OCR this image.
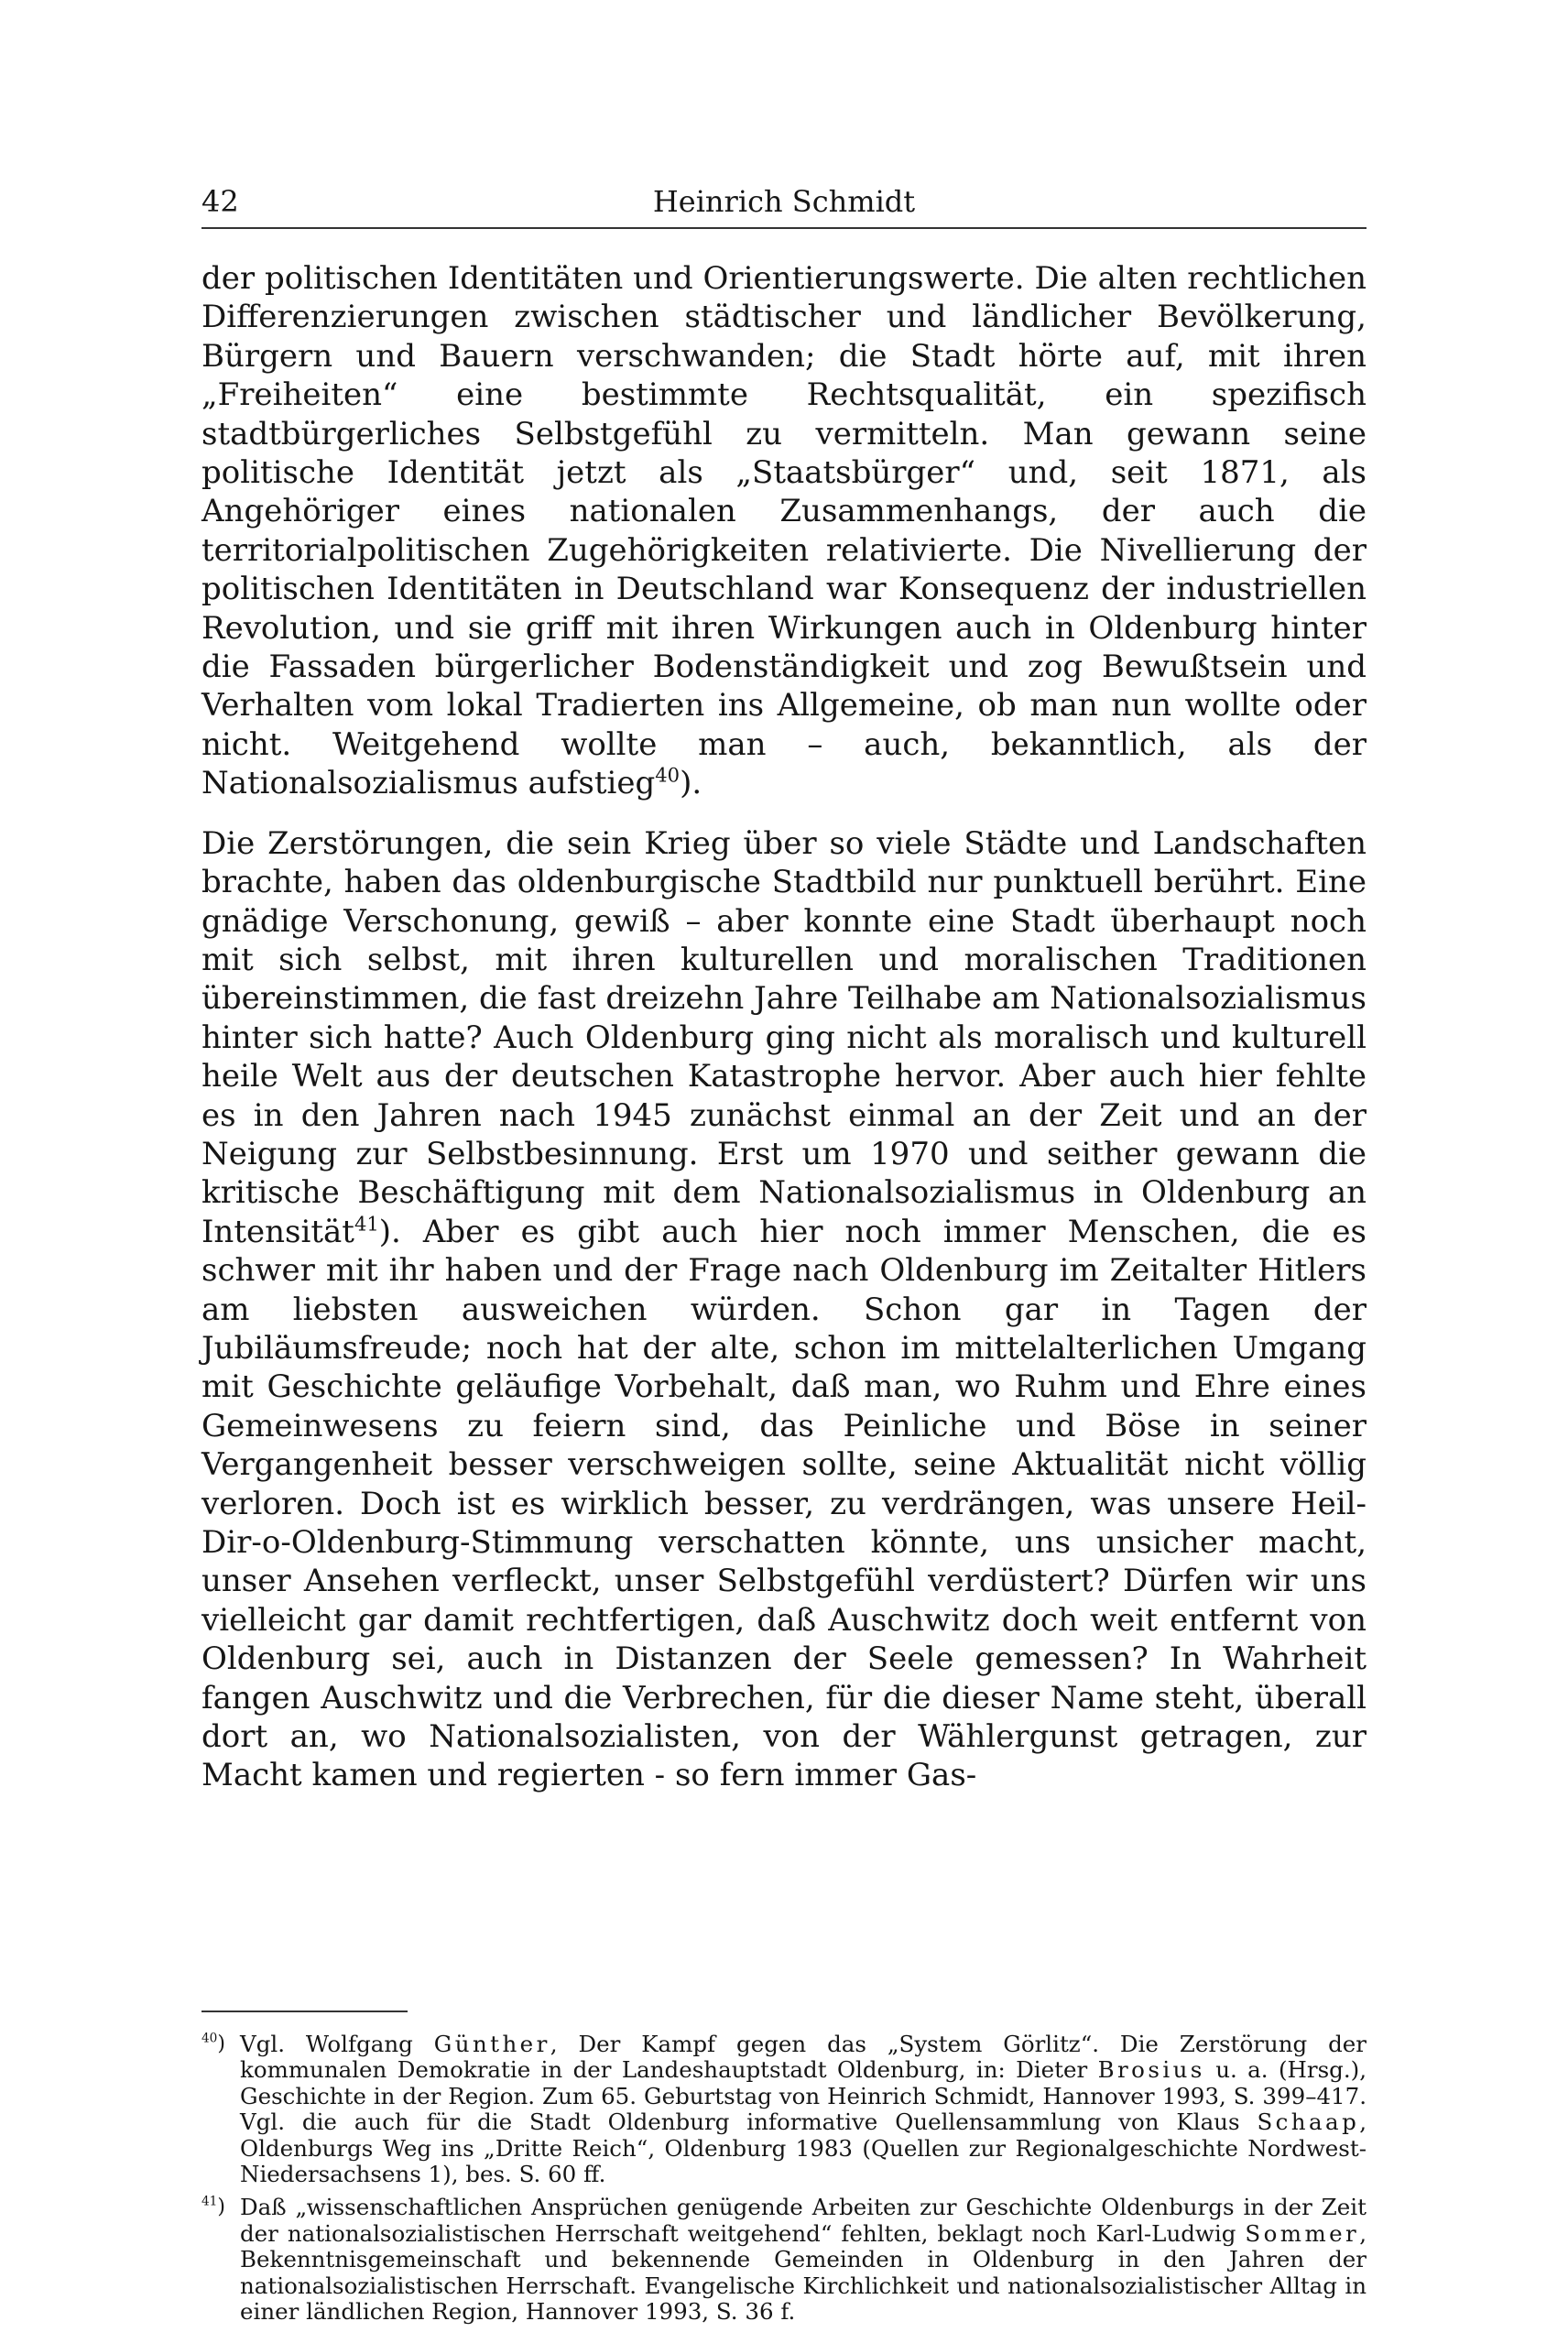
42	Heinrich Schmidt

der politischen Identitäten und Orientierungswerte. Die alten rechtlichen Differenzierungen zwischen städtischer und ländlicher Bevölkerung, Bürgern und Bauern verschwanden; die Stadt hörte auf, mit ihren „Freiheiten“ eine bestimmte Rechtsqualität, ein spezifisch stadtbürgerliches Selbstgefühl zu vermitteln. Man gewann seine politische Identität jetzt als „Staatsbürger“ und, seit 1871, als Angehöriger eines nationalen Zusammenhangs, der auch die territorialpolitischen Zugehörigkeiten relativierte. Die Nivellierung der politischen Identitäten in Deutschland war Konsequenz der industriellen Revolution, und sie griff mit ihren Wirkungen auch in Oldenburg hinter die Fassaden bürgerlicher Bodenständigkeit und zog Bewußtsein und Verhalten vom lokal Tradierten ins Allgemeine, ob man nun wollte oder nicht. Weitgehend wollte man – auch, bekanntlich, als der Nationalsozialismus aufstieg$^{40}$).

Die Zerstörungen, die sein Krieg über so viele Städte und Landschaften brachte, haben das oldenburgische Stadtbild nur punktuell berührt. Eine gnädige Verschonung, gewiß – aber konnte eine Stadt überhaupt noch mit sich selbst, mit ihren kulturellen und moralischen Traditionen übereinstimmen, die fast dreizehn Jahre Teilhabe am Nationalsozialismus hinter sich hatte? Auch Oldenburg ging nicht als moralisch und kulturell heile Welt aus der deutschen Katastrophe hervor. Aber auch hier fehlte es in den Jahren nach 1945 zunächst einmal an der Zeit und an der Neigung zur Selbstbesinnung. Erst um 1970 und seither gewann die kritische Beschäftigung mit dem Nationalsozialismus in Oldenburg an Intensität$^{41}$). Aber es gibt auch hier noch immer Menschen, die es schwer mit ihr haben und der Frage nach Oldenburg im Zeitalter Hitlers am liebsten ausweichen würden. Schon gar in Tagen der Jubiläumsfreude; noch hat der alte, schon im mittelalterlichen Umgang mit Geschichte geläufige Vorbehalt, daß man, wo Ruhm und Ehre eines Gemeinwesens zu feiern sind, das Peinliche und Böse in seiner Vergangenheit besser verschweigen sollte, seine Aktualität nicht völlig verloren. Doch ist es wirklich besser, zu verdrängen, was unsere Heil-Dir-o-Oldenburg-Stimmung verschatten könnte, uns unsicher macht, unser Ansehen verfleckt, unser Selbstgefühl verdüstert? Dürfen wir uns vielleicht gar damit rechtfertigen, daß Auschwitz doch weit entfernt von Oldenburg sei, auch in Distanzen der Seele gemessen? In Wahrheit fangen Auschwitz und die Verbrechen, für die dieser Name steht, überall dort an, wo Nationalsozialisten, von der Wählergunst getragen, zur Macht kamen und regierten - so fern immer Gas-

$^{40}$) Vgl. Wolfgang Günther, Der Kampf gegen das „System Görlitz“. Die Zerstörung der kommunalen Demokratie in der Landeshauptstadt Oldenburg, in: Dieter Brosius u. a. (Hrsg.), Geschichte in der Region. Zum 65. Geburtstag von Heinrich Schmidt, Hannover 1993, S. 399–417. Vgl. die auch für die Stadt Oldenburg informative Quellensammlung von Klaus Schaap, Oldenburgs Weg ins „Dritte Reich“, Oldenburg 1983 (Quellen zur Regionalgeschichte Nordwest-Niedersachsens 1), bes. S. 60 ff.
$^{41}$) Daß „wissenschaftlichen Ansprüchen genügende Arbeiten zur Geschichte Oldenburgs in der Zeit der nationalsozialistischen Herrschaft weitgehend“ fehlten, beklagt noch Karl-Ludwig Sommer, Bekenntnisgemeinschaft und bekennende Gemeinden in Oldenburg in den Jahren der nationalsozialistischen Herrschaft. Evangelische Kirchlichkeit und nationalsozialistischer Alltag in einer ländlichen Region, Hannover 1993, S. 36 f.
